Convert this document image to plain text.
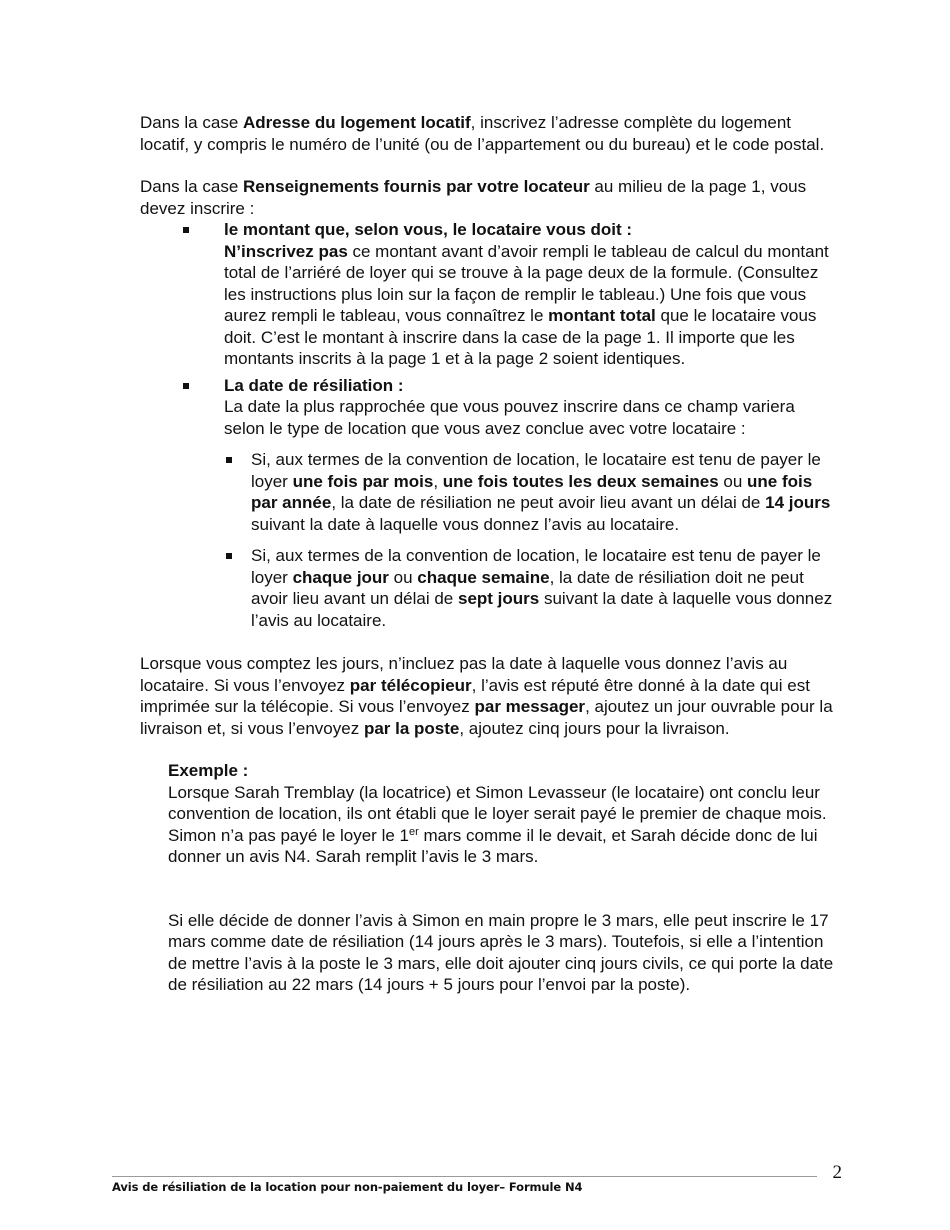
Dans la case Adresse du logement locatif, inscrivez l’adresse complète du logement locatif, y compris le numéro de l’unité (ou de l’appartement ou du bureau) et le code postal.

Dans la case Renseignements fournis par votre locateur au milieu de la page 1, vous devez inscrire :

le montant que, selon vous, le locataire vous doit :

N’inscrivez pas ce montant avant d’avoir rempli le tableau de calcul du montant total de l’arriéré de loyer qui se trouve à la page deux de la formule. (Consultez les instructions plus loin sur la façon de remplir le tableau.) Une fois que vous aurez rempli le tableau, vous connaîtrez le montant total que le locataire vous doit. C’est le montant à inscrire dans la case de la page 1. Il importe que les montants inscrits à la page 1 et à la page 2 soient identiques.

La date de résiliation :

La date la plus rapprochée que vous pouvez inscrire dans ce champ variera selon le type de location que vous avez conclue avec votre locataire :

Si, aux termes de la convention de location, le locataire est tenu de payer le loyer une fois par mois, une fois toutes les deux semaines ou une fois par année, la date de résiliation ne peut avoir lieu avant un délai de 14 jours suivant la date à laquelle vous donnez l’avis au locataire.
Si, aux termes de la convention de location, le locataire est tenu de payer le loyer chaque jour ou chaque semaine, la date de résiliation doit ne peut avoir lieu avant un délai de sept jours suivant la date à laquelle vous donnez l’avis au locataire.

Lorsque vous comptez les jours, n’incluez pas la date à laquelle vous donnez l’avis au locataire. Si vous l’envoyez par télécopieur, l’avis est réputé être donné à la date qui est imprimée sur la télécopie. Si vous l’envoyez par messager, ajoutez un jour ouvrable pour la livraison et, si vous l’envoyez par la poste, ajoutez cinq jours pour la livraison.

Exemple :

Lorsque Sarah Tremblay (la locatrice) et Simon Levasseur (le locataire) ont conclu leur convention de location, ils ont établi que le loyer serait payé le premier de chaque mois. Simon n’a pas payé le loyer le 1er mars comme il le devait, et Sarah décide donc de lui donner un avis N4. Sarah remplit l’avis le 3 mars.

Si elle décide de donner l’avis à Simon en main propre le 3 mars, elle peut inscrire le 17 mars comme date de résiliation (14 jours après le 3 mars). Toutefois, si elle a l’intention de mettre l’avis à la poste le 3 mars, elle doit ajouter cinq jours civils, ce qui porte la date de résiliation au 22 mars (14 jours + 5 jours pour l’envoi par la poste).

2
Avis de résiliation de la location pour non-paiement du loyer– Formule N4
